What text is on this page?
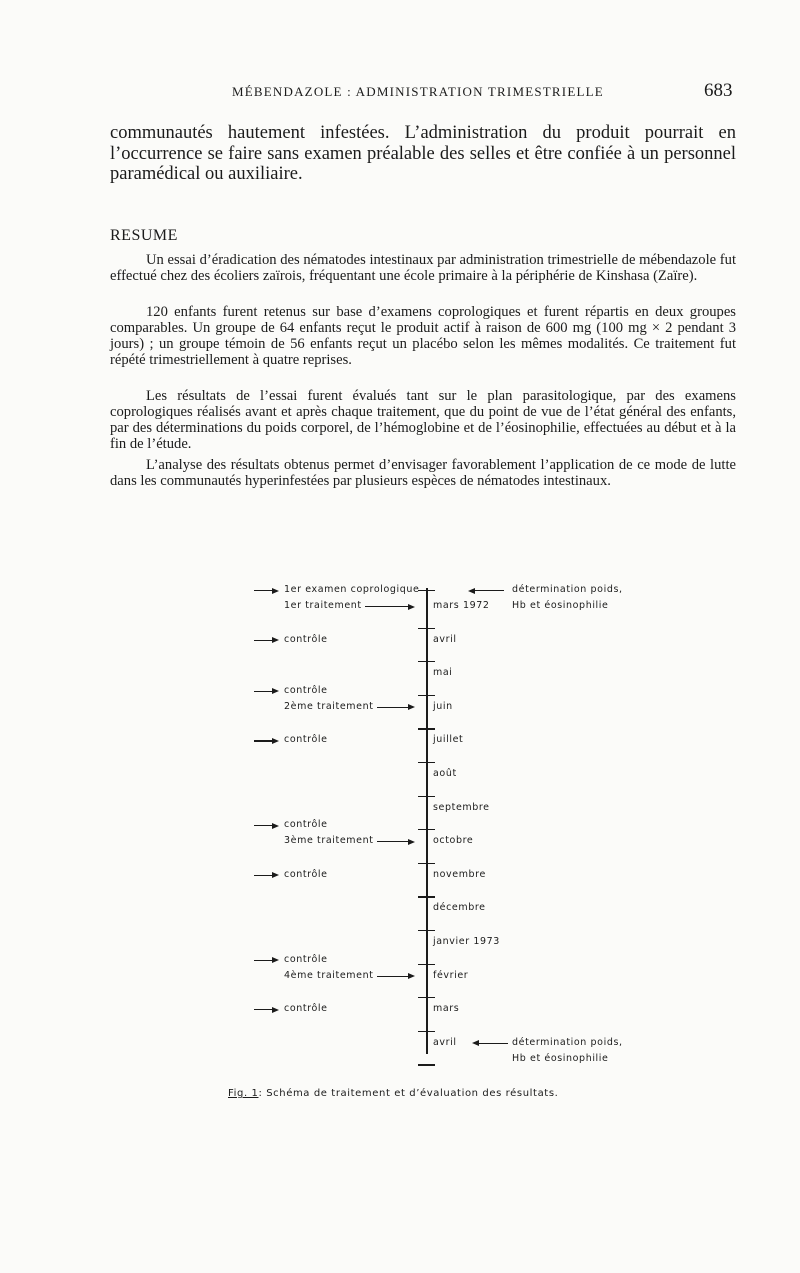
MÉBENDAZOLE : ADMINISTRATION TRIMESTRIELLE	683

communautés hautement infestées. L’administration du produit pourrait en l’occurrence se faire sans examen préalable des selles et être confiée à un personnel paramédical ou auxiliaire.

RESUME

Un essai d’éradication des nématodes intestinaux par administration trimestrielle de mébendazole fut effectué chez des écoliers zaïrois, fréquentant une école primaire à la périphérie de Kinshasa (Zaïre).

120 enfants furent retenus sur base d’examens coprologiques et furent répartis en deux groupes comparables. Un groupe de 64 enfants reçut le produit actif à raison de 600 mg (100 mg × 2 pendant 3 jours) ; un groupe témoin de 56 enfants reçut un placébo selon les mêmes modalités. Ce traitement fut répété trimestriellement à quatre reprises.

Les résultats de l’essai furent évalués tant sur le plan parasitologique, par des examens coprologiques réalisés avant et après chaque traitement, que du point de vue de l’état général des enfants, par des déterminations du poids corporel, de l’hémoglobine et de l’éosinophilie, effectuées au début et à la fin de l’étude.

L’analyse des résultats obtenus permet d’envisager favorablement l’application de ce mode de lutte dans les communautés hyperinfestées par plusieurs espèces de nématodes intestinaux.

mars 1972
avril
mai
juin
juillet
août
septembre
octobre
novembre
décembre
janvier 1973
février
mars
avril
1er examen coprologique
1er traitement
contrôle
contrôle
2ème traitement
contrôle
contrôle
3ème traitement
contrôle
contrôle
4ème traitement
contrôle
détermination poids,
Hb et éosinophilie
détermination poids,
Hb et éosinophilie
Fig. 1: Schéma de traitement et d’évaluation des résultats.
